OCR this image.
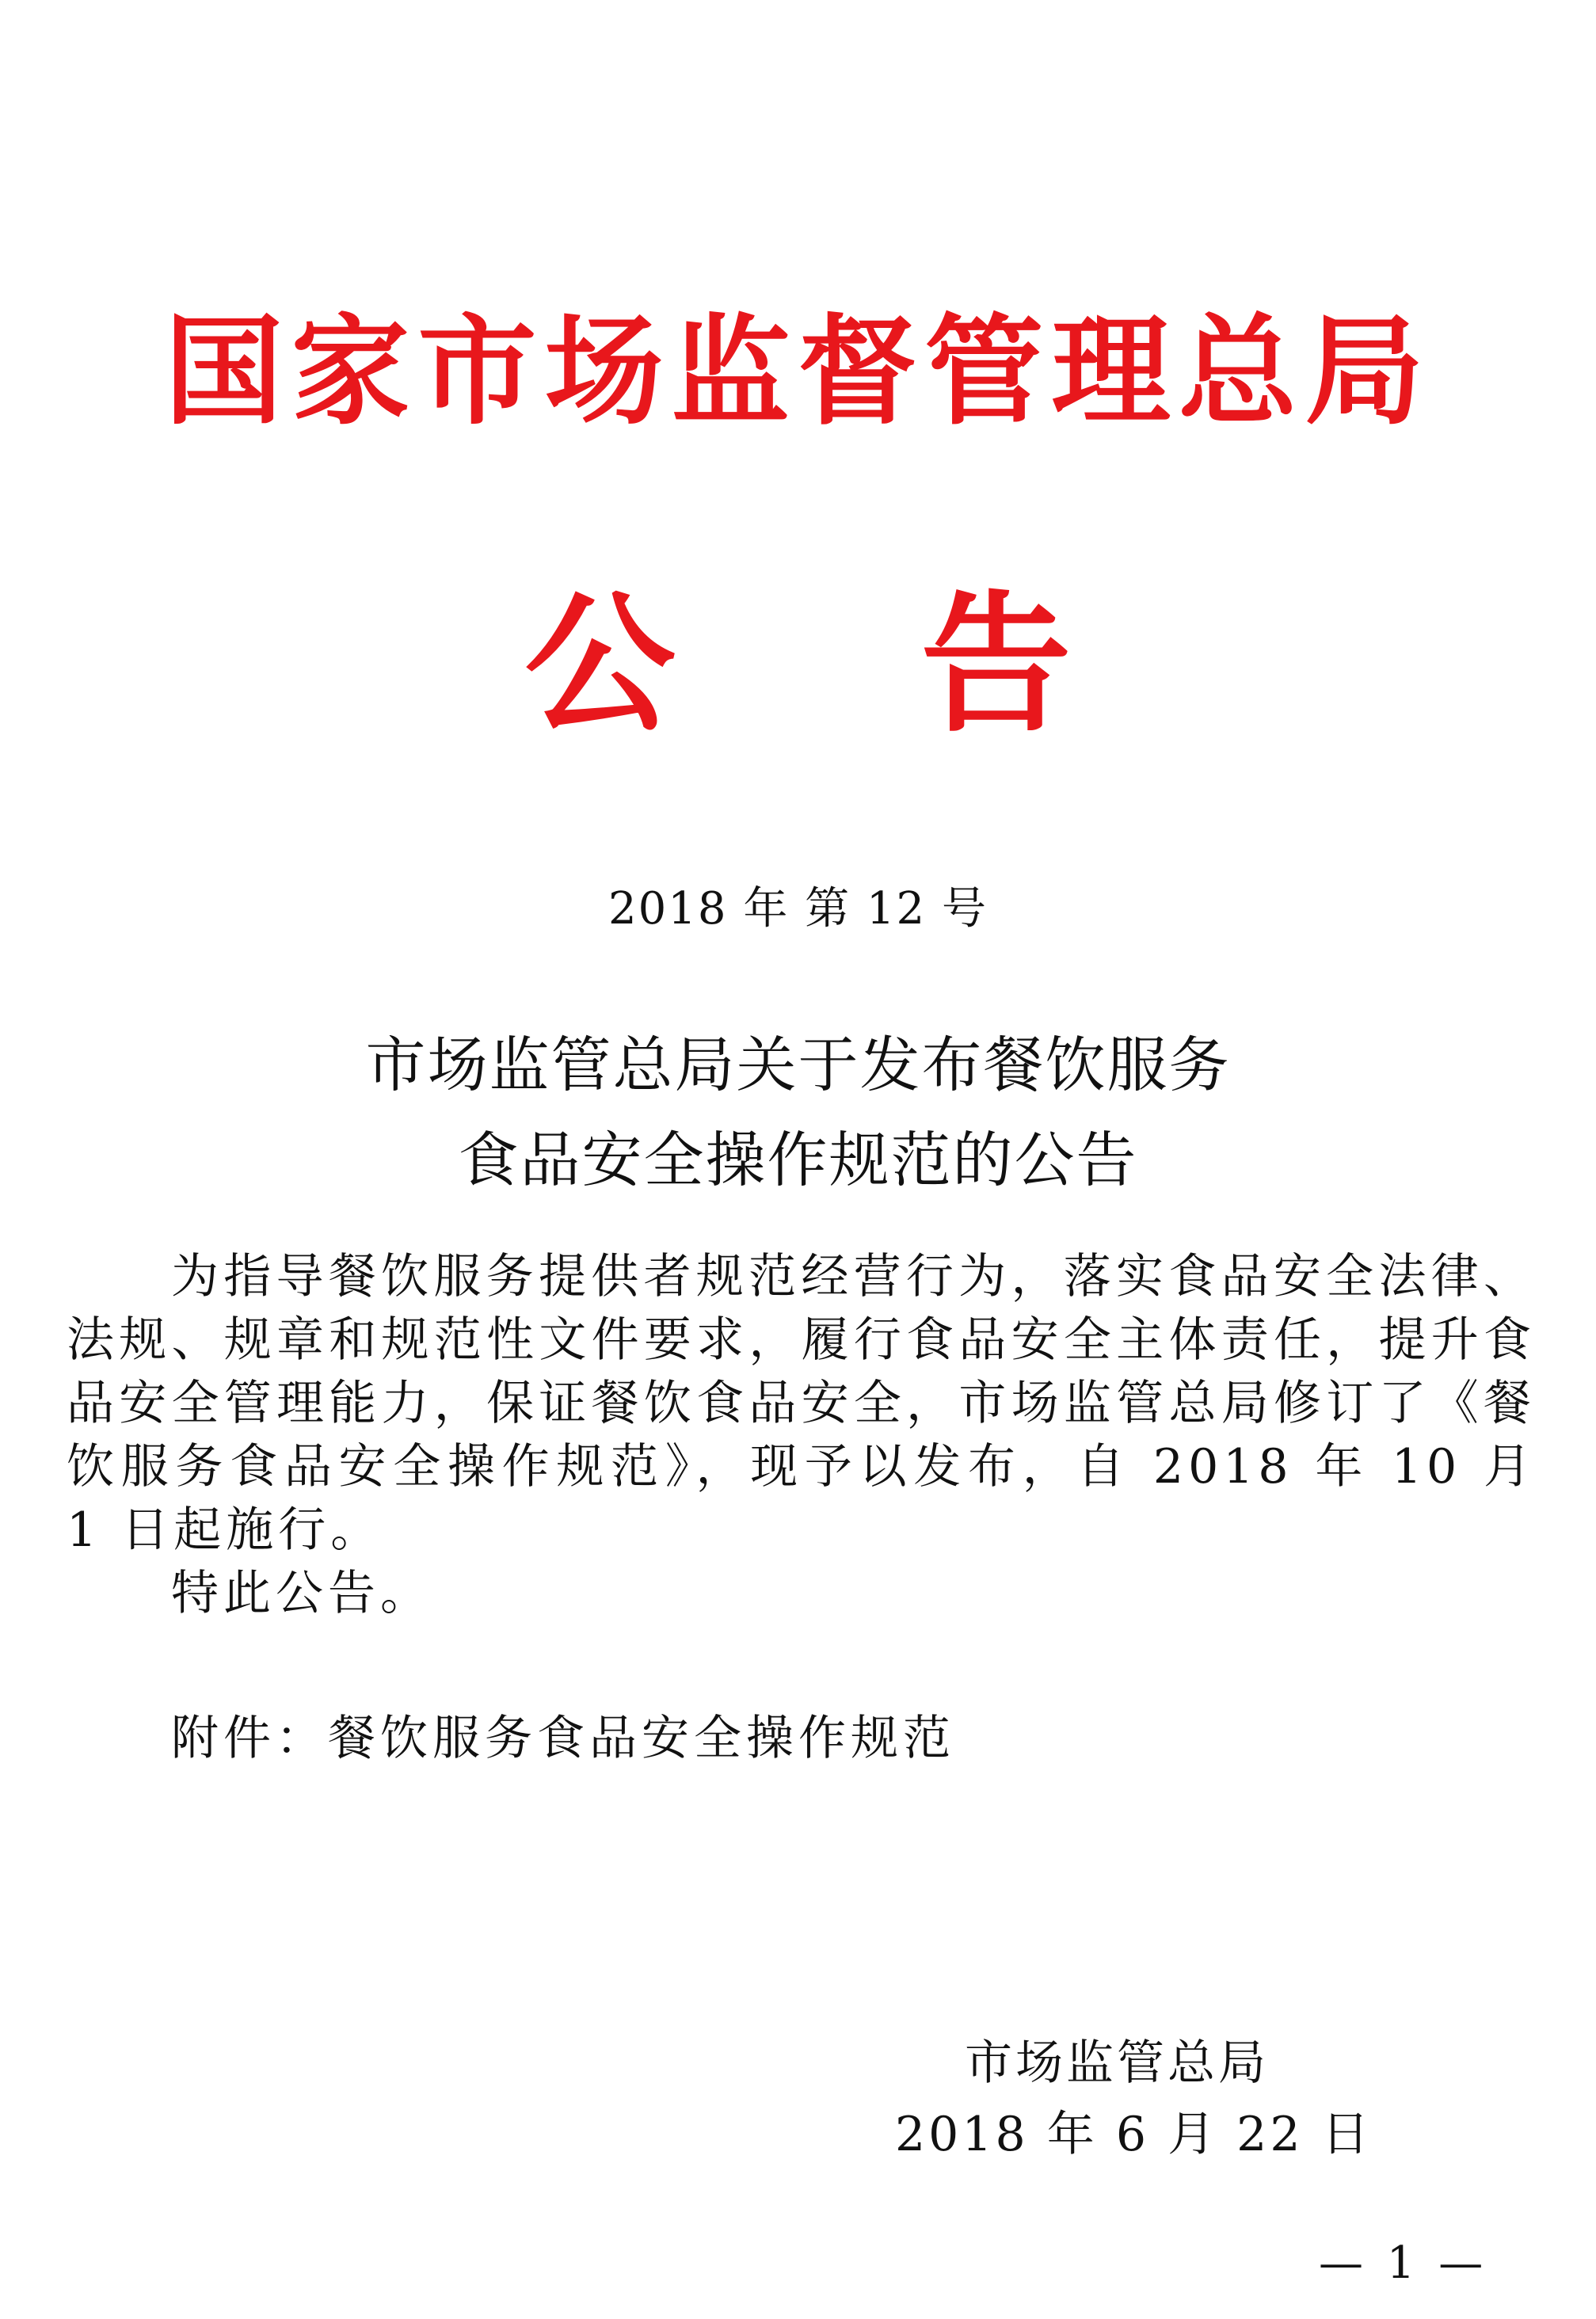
国家市场监督管理总局
公 告
2018 年 第 12 号
市场监管总局关于发布餐饮服务
食品安全操作规范的公告

为指导餐饮服务提供者规范经营行为，落实食品安全法律、法规、规章和规范性文件要求，履行食品安全主体责任，提升食品安全管理能力，保证餐饮食品安全，市场监管总局修订了《餐饮服务食品安全操作规范》，现予以发布，自 2018 年 10 月 1 日起施行。

特此公告。

附件：餐饮服务食品安全操作规范
市场监管总局
2018 年 6 月 22 日
— 1 —
